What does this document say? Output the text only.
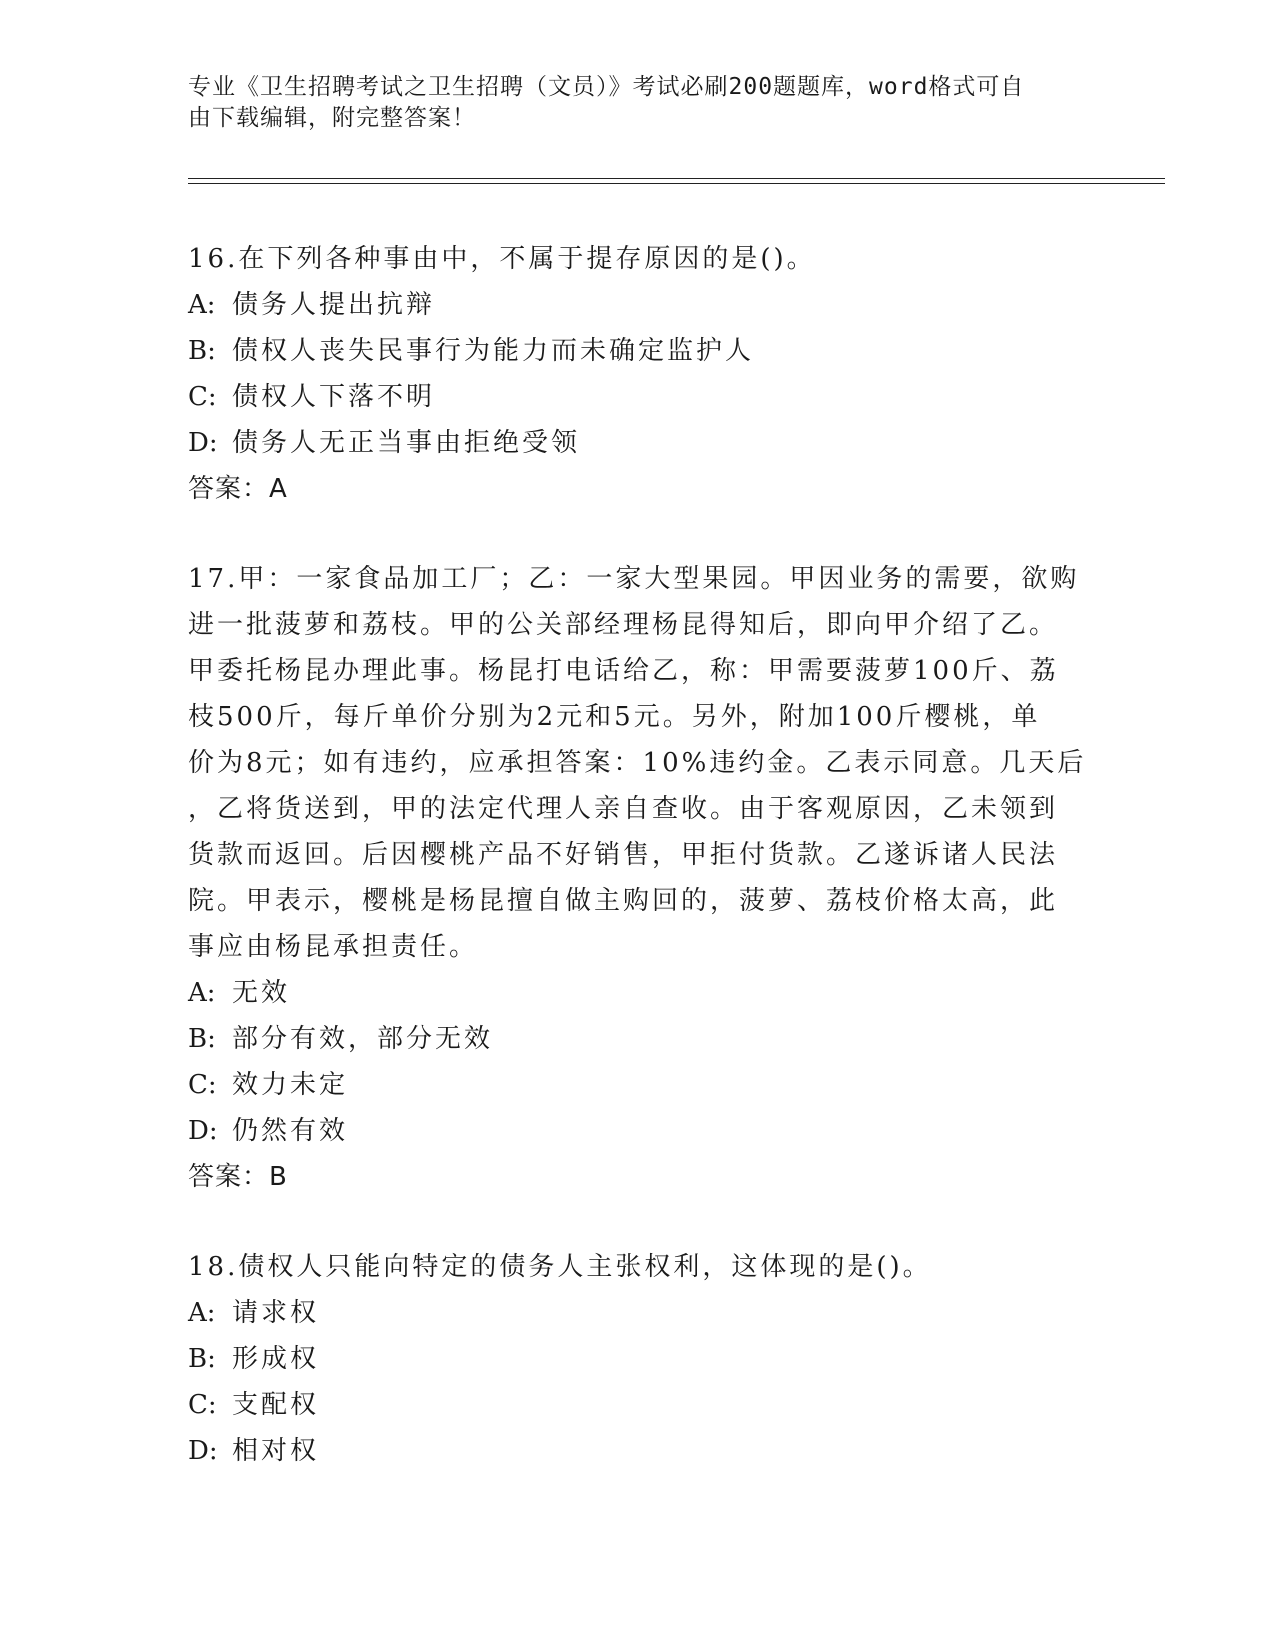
专业《卫生招聘考试之卫生招聘（文员）》考试必刷200题题库，word格式可自
由下载编辑，附完整答案！

16.在下列各种事由中，不属于提存原因的是()。

A: 债务人提出抗辩

B: 债权人丧失民事行为能力而未确定监护人

C: 债权人下落不明

D: 债务人无正当事由拒绝受领

答案：A

17.甲：一家食品加工厂；乙：一家大型果园。甲因业务的需要，欲购

进一批菠萝和荔枝。甲的公关部经理杨昆得知后，即向甲介绍了乙。

甲委托杨昆办理此事。杨昆打电话给乙，称：甲需要菠萝100斤、荔

枝500斤，每斤单价分别为2元和5元。另外，附加100斤樱桃，单

价为8元；如有违约，应承担答案：10%违约金。乙表示同意。几天后

，乙将货送到，甲的法定代理人亲自查收。由于客观原因，乙未领到

货款而返回。后因樱桃产品不好销售，甲拒付货款。乙遂诉诸人民法

院。甲表示，樱桃是杨昆擅自做主购回的，菠萝、荔枝价格太高，此

事应由杨昆承担责任。

A: 无效

B: 部分有效，部分无效

C: 效力未定

D: 仍然有效

答案：B

18.债权人只能向特定的债务人主张权利，这体现的是()。

A: 请求权

B: 形成权

C: 支配权

D: 相对权
